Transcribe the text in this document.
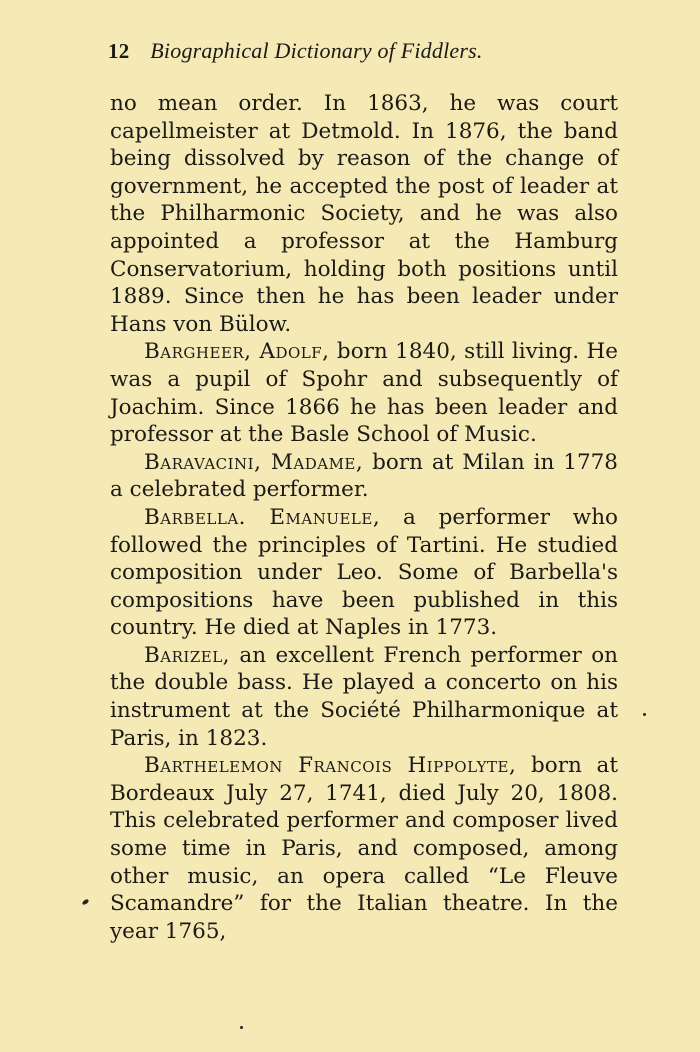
12 Biographical Dictionary of Fiddlers.

no mean order. In 1863, he was court capellmeister at Detmold. In 1876, the band being dissolved by reason of the change of government, he accepted the post of leader at the Philharmonic Society, and he was also appointed a professor at the Hamburg Conservatorium, holding both positions until 1889. Since then he has been leader under Hans von Bülow.

Bargheer, Adolf, born 1840, still living. He was a pupil of Spohr and subsequently of Joachim. Since 1866 he has been leader and professor at the Basle School of Music.

Baravacini, Madame, born at Milan in 1778 a celebrated performer.

Barbella. Emanuele, a performer who followed the principles of Tartini. He studied composition under Leo. Some of Barbella's compositions have been published in this country. He died at Naples in 1773.

Barizel, an excellent French performer on the double bass. He played a concerto on his instrument at the Société Philharmonique at Paris, in 1823.

Barthelemon Francois Hippolyte, born at Bordeaux July 27, 1741, died July 20, 1808. This celebrated performer and composer lived some time in Paris, and composed, among other music, an opera called “Le Fleuve Scamandre” for the Italian theatre. In the year 1765,
